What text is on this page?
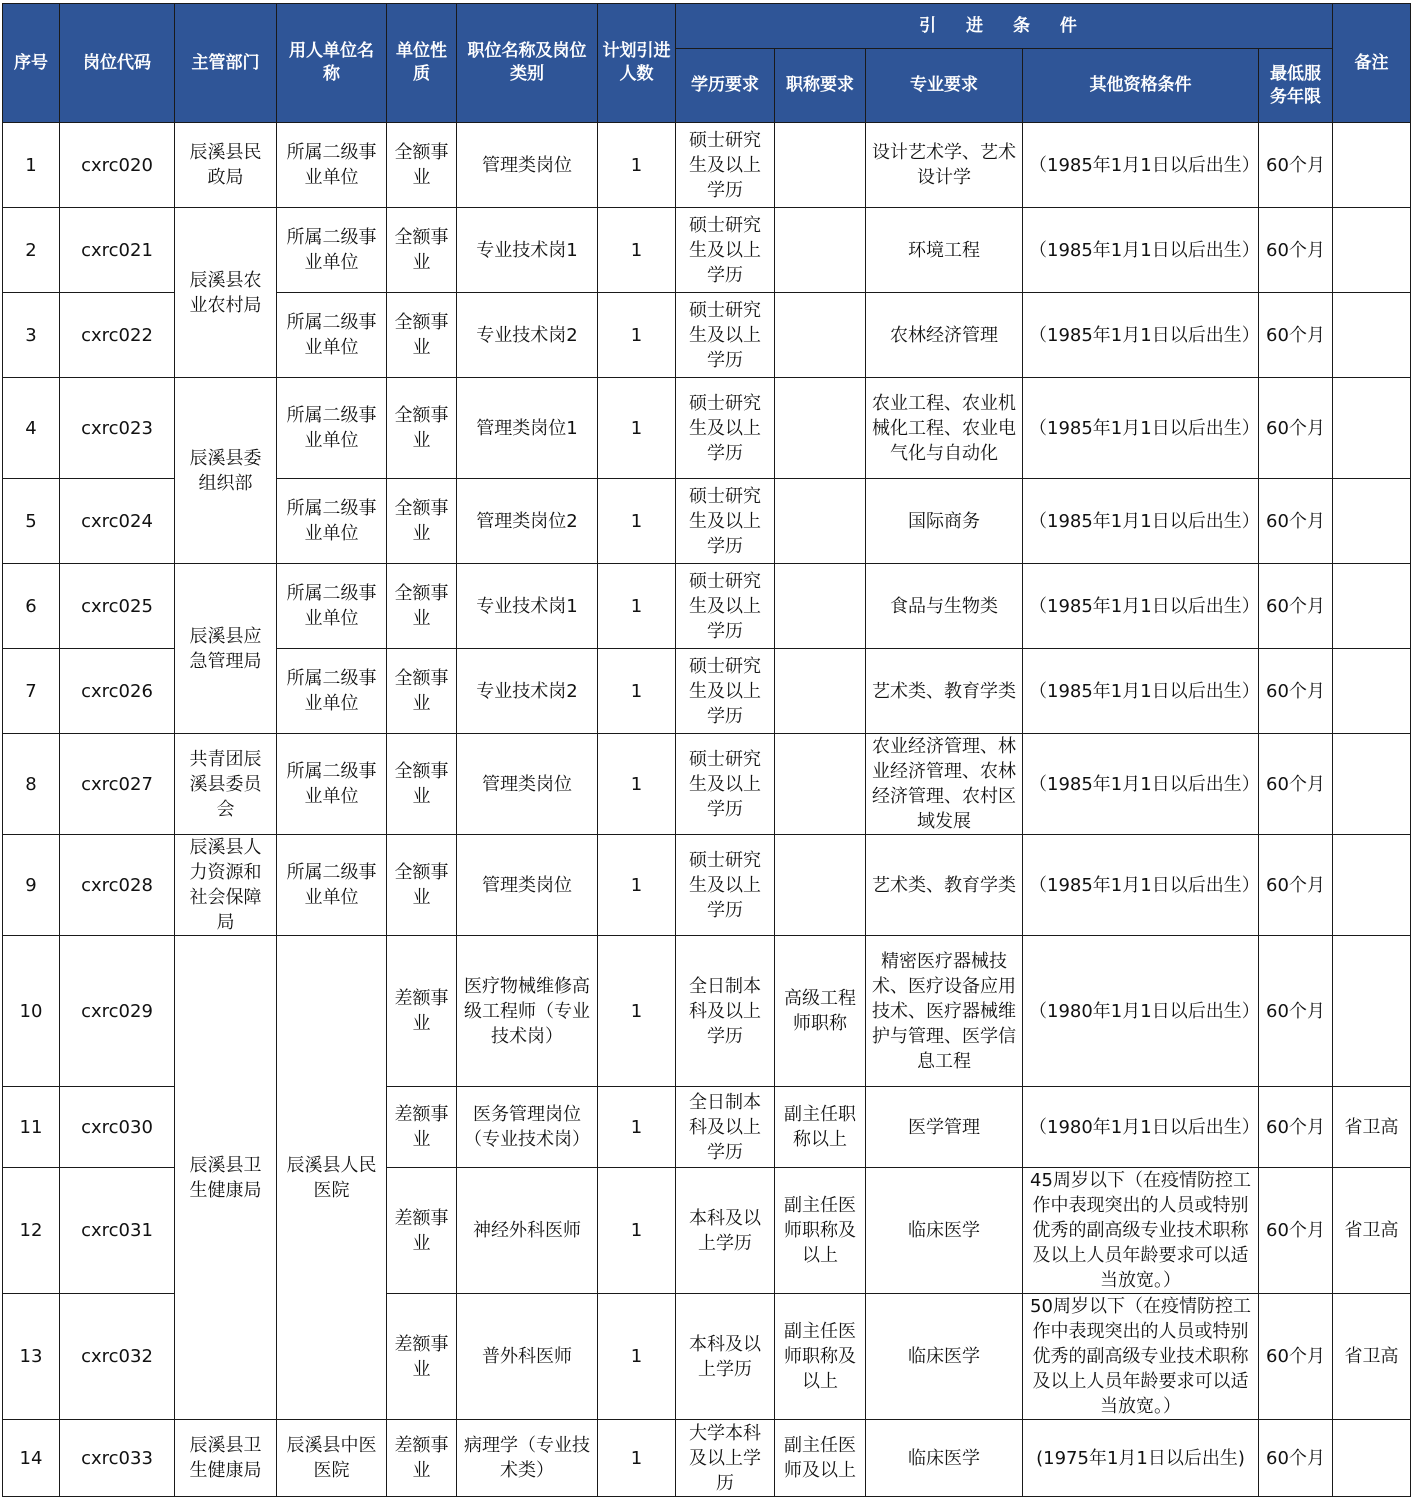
序号	岗位代码	主管部门	用人单位名称	单位性质	职位名称及岗位类别	计划引进人数	引 进 条 件					备注
							学历要求	职称要求	专业要求	其他资格条件	最低服务年限	
1	cxrc020	辰溪县民政局	所属二级事业单位	全额事业	管理类岗位	1	硕士研究生及以上学历		设计艺术学、艺术设计学	（1985年1月1日以后出生）	60个月	
2	cxrc021	辰溪县农业农村局	所属二级事业单位	全额事业	专业技术岗1	1	硕士研究生及以上学历		环境工程	（1985年1月1日以后出生）	60个月	
3	cxrc022		所属二级事业单位	全额事业	专业技术岗2	1	硕士研究生及以上学历		农林经济管理	（1985年1月1日以后出生）	60个月	
4	cxrc023	辰溪县委组织部	所属二级事业单位	全额事业	管理类岗位1	1	硕士研究生及以上学历		农业工程、农业机械化工程、农业电气化与自动化	（1985年1月1日以后出生）	60个月	
5	cxrc024		所属二级事业单位	全额事业	管理类岗位2	1	硕士研究生及以上学历		国际商务	（1985年1月1日以后出生）	60个月	
6	cxrc025	辰溪县应急管理局	所属二级事业单位	全额事业	专业技术岗1	1	硕士研究生及以上学历		食品与生物类	（1985年1月1日以后出生）	60个月	
7	cxrc026		所属二级事业单位	全额事业	专业技术岗2	1	硕士研究生及以上学历		艺术类、教育学类	（1985年1月1日以后出生）	60个月	
8	cxrc027	共青团辰溪县委员会	所属二级事业单位	全额事业	管理类岗位	1	硕士研究生及以上学历		农业经济管理、林业经济管理、农林经济管理、农村区域发展	（1985年1月1日以后出生）	60个月	
9	cxrc028	辰溪县人力资源和社会保障局	所属二级事业单位	全额事业	管理类岗位	1	硕士研究生及以上学历		艺术类、教育学类	（1985年1月1日以后出生）	60个月	
10	cxrc029	辰溪县卫生健康局	辰溪县人民医院	差额事业	医疗物械维修高级工程师（专业技术岗）	1	全日制本科及以上学历	高级工程师职称	精密医疗器械技术、医疗设备应用技术、医疗器械维护与管理、医学信息工程	（1980年1月1日以后出生）	60个月	
11	cxrc030			差额事业	医务管理岗位（专业技术岗）	1	全日制本科及以上学历	副主任职称以上	医学管理	（1980年1月1日以后出生）	60个月	省卫高
12	cxrc031			差额事业	神经外科医师	1	本科及以上学历	副主任医师职称及以上	临床医学	45周岁以下（在疫情防控工作中表现突出的人员或特别优秀的副高级专业技术职称及以上人员年龄要求可以适当放宽。）	60个月	省卫高
13	cxrc032			差额事业	普外科医师	1	本科及以上学历	副主任医师职称及以上	临床医学	50周岁以下（在疫情防控工作中表现突出的人员或特别优秀的副高级专业技术职称及以上人员年龄要求可以适当放宽。）	60个月	省卫高
14	cxrc033	辰溪县卫生健康局	辰溪县中医医院	差额事业	病理学（专业技术类）	1	大学本科及以上学历	副主任医师及以上	临床医学	(1975年1月1日以后出生)	60个月	
